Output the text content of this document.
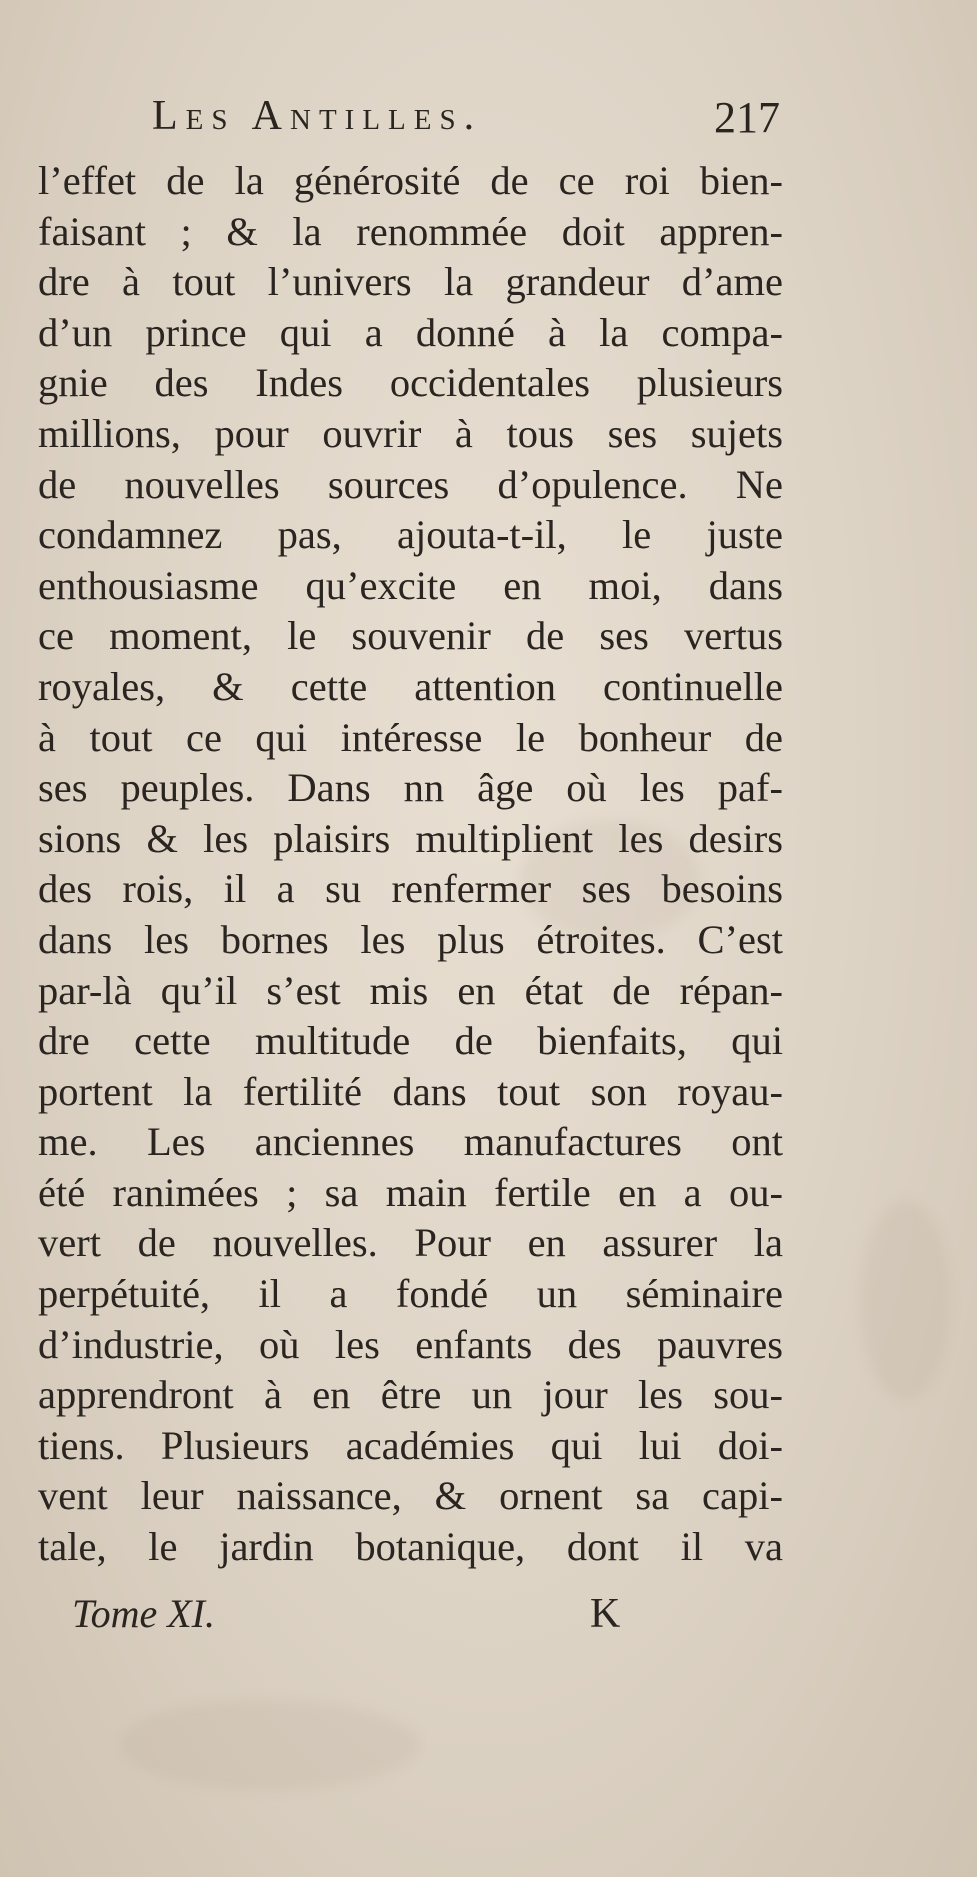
Les Antilles.	217
l’effet de la générosité de ce roi bien-
faisant ; & la renommée doit appren-
dre à tout l’univers la grandeur d’ame
d’un prince qui a donné à la compa-
gnie des Indes occidentales plusieurs
millions, pour ouvrir à tous ses sujets
de nouvelles sources d’opulence. Ne
condamnez pas, ajouta-t-il, le juste
enthousiasme qu’excite en moi, dans
ce moment, le souvenir de ses vertus
royales, & cette attention continuelle
à tout ce qui intéresse le bonheur de
ses peuples. Dans nn âge où les paf-
sions & les plaisirs multiplient les desirs
des rois, il a su renfermer ses besoins
dans les bornes les plus étroites. C’est
par-là qu’il s’est mis en état de répan-
dre cette multitude de bienfaits, qui
portent la fertilité dans tout son royau-
me. Les anciennes manufactures ont
été ranimées ; sa main fertile en a ou-
vert de nouvelles. Pour en assurer la
perpétuité, il a fondé un séminaire
d’industrie, où les enfants des pauvres
apprendront à en être un jour les sou-
tiens. Plusieurs académies qui lui doi-
vent leur naissance, & ornent sa capi-
tale, le jardin botanique, dont il va
Tome XI.	K
